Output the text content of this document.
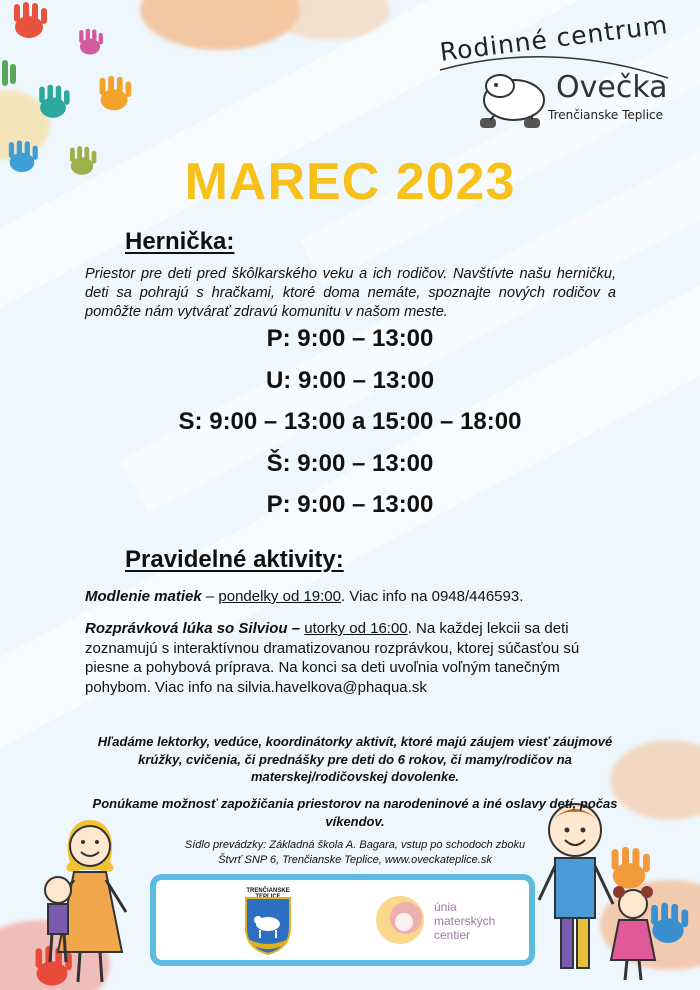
Rodinné centrum
Ovečka
Trenčianske Teplice
MAREC 2023
Hernička:

Priestor pre deti pred škôlkarského veku a ich rodičov. Navštívte našu herničku, deti sa pohrajú s hračkami, ktoré doma nemáte, spoznajte nových rodičov a pomôžte nám vytvárať zdravú komunitu v našom meste.

P: 9:00 – 13:00
U: 9:00 – 13:00
S: 9:00 – 13:00 a 15:00 – 18:00
Š: 9:00 – 13:00
P: 9:00 – 13:00
Pravidelné aktivity:

Modlenie matiek – pondelky od 19:00. Viac info na 0948/446593.

Rozprávková lúka so Silviou – utorky od 16:00. Na každej lekcii sa deti zoznamujú s interaktívnou dramatizovanou rozprávkou, ktorej súčasťou sú piesne a pohybová príprava. Na konci sa deti uvoľnia voľným tanečným pohybom. Viac info na silvia.havelkova@phaqua.sk

Hľadáme lektorky, vedúce, koordinátorky aktivít, ktoré majú záujem viesť záujmové krúžky, cvičenia, či prednášky pre deti do 6 rokov, či mamy/rodičov na materskej/rodičovskej dovolenke.

Ponúkame možnosť zapožičania priestorov na narodeninové a iné oslavy detí, počas víkendov.

Sídlo prevádzky: Základná škola A. Bagara, vstup po schodoch zboku
Štvrť SNP 6, Trenčianske Teplice, www.oveckateplice.sk
TRENČIANSKE
únia
materských
centier
